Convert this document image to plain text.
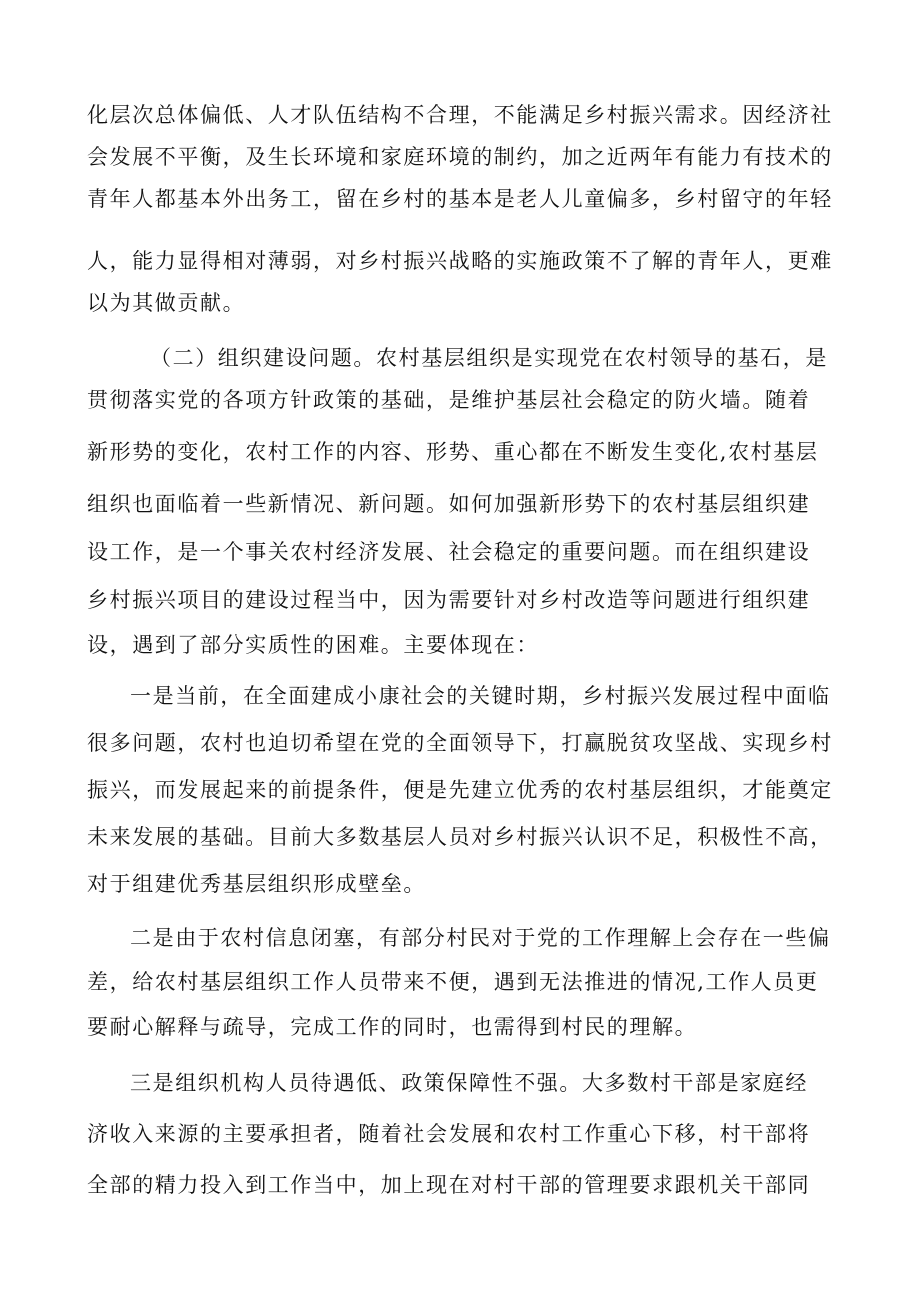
化层次总体偏低、人才队伍结构不合理，不能满足乡村振兴需求。因经济社
会发展不平衡，及生长环境和家庭环境的制约，加之近两年有能力有技术的
青年人都基本外出务工，留在乡村的基本是老人儿童偏多，乡村留守的年轻
人，能力显得相对薄弱，对乡村振兴战略的实施政策不了解的青年人，更难
以为其做贡献。
（二）组织建设问题。农村基层组织是实现党在农村领导的基石，是
贯彻落实党的各项方针政策的基础，是维护基层社会稳定的防火墙。随着
新形势的变化，农村工作的内容、形势、重心都在不断发生变化,农村基层
组织也面临着一些新情况、新问题。如何加强新形势下的农村基层组织建
设工作，是一个事关农村经济发展、社会稳定的重要问题。而在组织建设
乡村振兴项目的建设过程当中，因为需要针对乡村改造等问题进行组织建
设，遇到了部分实质性的困难。主要体现在：
一是当前，在全面建成小康社会的关键时期，乡村振兴发展过程中面临
很多问题，农村也迫切希望在党的全面领导下，打赢脱贫攻坚战、实现乡村
振兴，而发展起来的前提条件，便是先建立优秀的农村基层组织，才能奠定
未来发展的基础。目前大多数基层人员对乡村振兴认识不足，积极性不高，
对于组建优秀基层组织形成壁垒。
二是由于农村信息闭塞，有部分村民对于党的工作理解上会存在一些偏
差，给农村基层组织工作人员带来不便，遇到无法推进的情况,工作人员更
要耐心解释与疏导，完成工作的同时，也需得到村民的理解。
三是组织机构人员待遇低、政策保障性不强。大多数村干部是家庭经
济收入来源的主要承担者，随着社会发展和农村工作重心下移，村干部将
全部的精力投入到工作当中，加上现在对村干部的管理要求跟机关干部同
